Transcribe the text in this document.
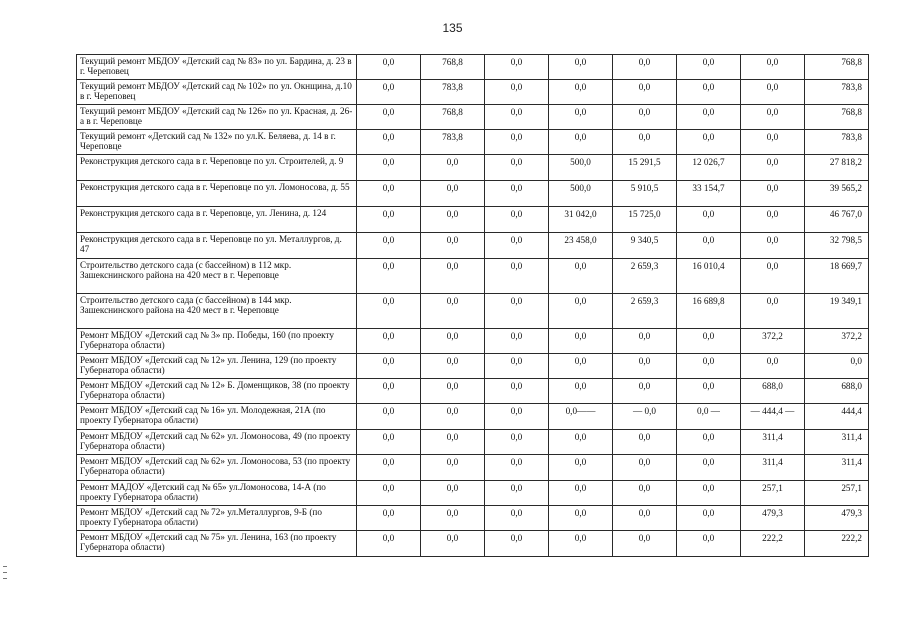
135
Текущий ремонт МБДОУ «Детский сад № 83» по ул. Бардина, д. 23 в г. Череповец	0,0	768,8	0,0	0,0	0,0	0,0	0,0	768,8
Текущий ремонт МБДОУ «Детский сад № 102» по ул. Окнщина, д.10 в г. Череповец	0,0	783,8	0,0	0,0	0,0	0,0	0,0	783,8
Текущий ремонт МБДОУ «Детский сад № 126» по ул. Красная, д. 26-а в г. Череповце	0,0	768,8	0,0	0,0	0,0	0,0	0,0	768,8
Текущий ремонт «Детский сад № 132» по ул.К. Беляева, д. 14 в г. Череповце	0,0	783,8	0,0	0,0	0,0	0,0	0,0	783,8
Реконструкция детского сада в г. Череповце по ул. Строителей, д. 9	0,0	0,0	0,0	500,0	15 291,5	12 026,7	0,0	27 818,2
Реконструкция детского сада в г. Череповце по ул. Ломоносова, д. 55	0,0	0,0	0,0	500,0	5 910,5	33 154,7	0,0	39 565,2
Реконструкция детского сада в г. Череповце, ул. Ленина, д. 124	0,0	0,0	0,0	31 042,0	15 725,0	0,0	0,0	46 767,0
Реконструкция детского сада в г. Череповце по ул. Металлургов, д. 47	0,0	0,0	0,0	23 458,0	9 340,5	0,0	0,0	32 798,5
Строительство детского сада (с бассейном) в 112 мкр. Зашекснинского района на 420 мест в г. Череповце	0,0	0,0	0,0	0,0	2 659,3	16 010,4	0,0	18 669,7
Строительство детского сада (с бассейном) в 144 мкр. Зашекснинского района на 420 мест в г. Череповце	0,0	0,0	0,0	0,0	2 659,3	16 689,8	0,0	19 349,1
Ремонт МБДОУ «Детский сад № 3» пр. Победы, 160 (по проекту Губернатора области)	0,0	0,0	0,0	0,0	0,0	0,0	372,2	372,2
Ремонт МБДОУ «Детский сад № 12» ул. Ленина, 129 (по проекту Губернатора области)	0,0	0,0	0,0	0,0	0,0	0,0	0,0	0,0
Ремонт МБДОУ «Детский сад № 12» Б. Доменщиков, 38 (по проекту Губернатора области)	0,0	0,0	0,0	0,0	0,0	0,0	688,0	688,0
Ремонт МБДОУ «Детский сад № 16» ул. Молодежная, 21А (по проекту Губернатора области)	0,0	0,0	0,0	0,0——	— 0,0	0,0 —	— 444,4 —	444,4
Ремонт МБДОУ «Детский сад № 62» ул. Ломоносова, 49 (по проекту Губернатора области)	0,0	0,0	0,0	0,0	0,0	0,0	311,4	311,4
Ремонт МБДОУ «Детский сад № 62» ул. Ломоносова, 53 (по проекту Губернатора области)	0,0	0,0	0,0	0,0	0,0	0,0	311,4	311,4
Ремонт МАДОУ «Детский сад № 65» ул.Ломоносова, 14-А (по проекту Губернатора области)	0,0	0,0	0,0	0,0	0,0	0,0	257,1	257,1
Ремонт МБДОУ «Детский сад № 72» ул.Металлургов, 9-Б (по проекту Губернатора области)	0,0	0,0	0,0	0,0	0,0	0,0	479,3	479,3
Ремонт МБДОУ «Детский сад № 75» ул. Ленина, 163 (по проекту Губернатора области)	0,0	0,0	0,0	0,0	0,0	0,0	222,2	222,2
